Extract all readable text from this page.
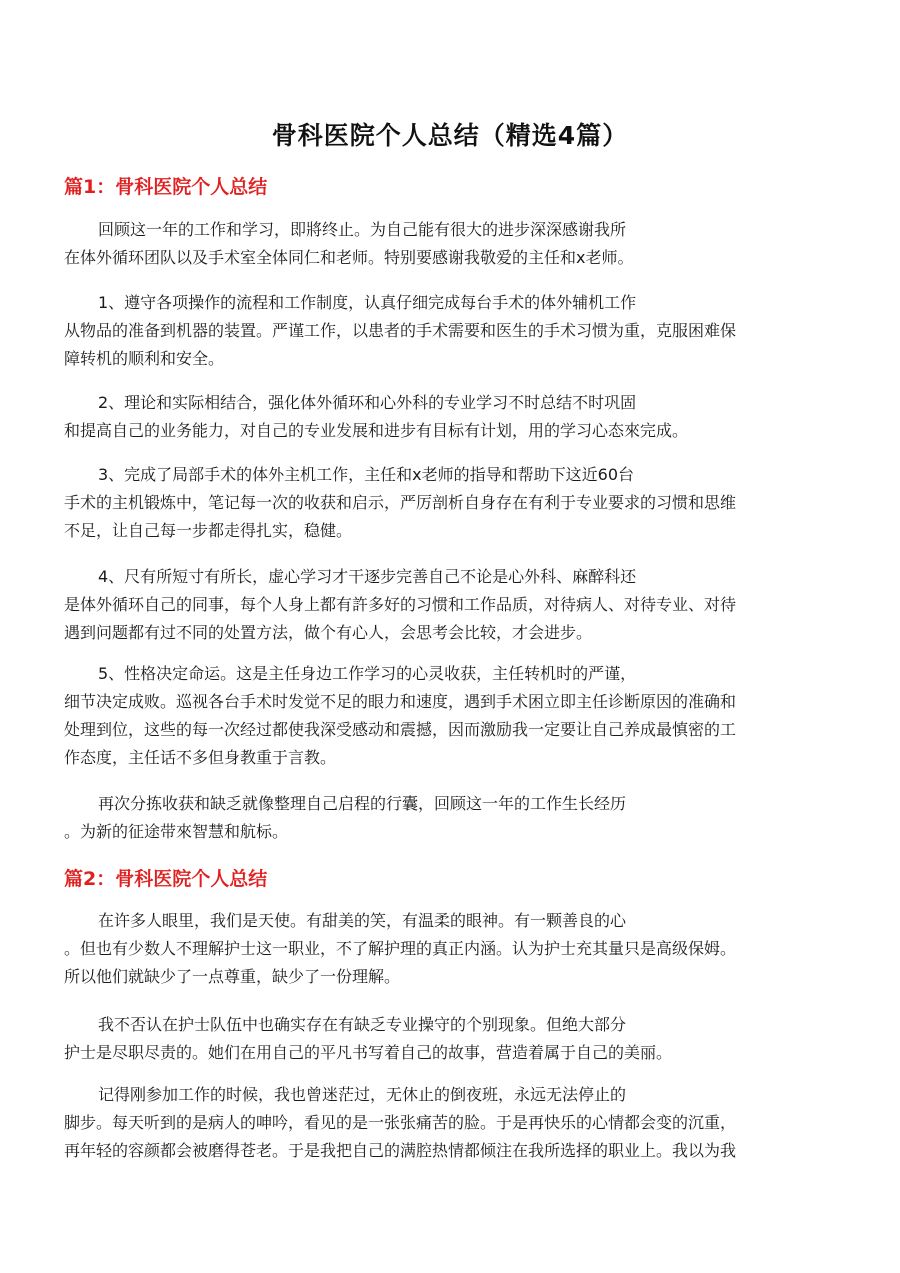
骨科医院个人总结（精选4篇）
篇1：骨科医院个人总结

回顾这一年的工作和学习，即將终止。为自己能有很大的进步深深感谢我所
在体外循环团队以及手术室全体同仁和老师。特别要感谢我敬爱的主任和x老师。

1、遵守各项操作的流程和工作制度，认真仔细完成每台手术的体外辅机工作
从物品的准备到机器的装置。严谨工作，以患者的手术需要和医生的手术习惯为重，克服困难保
障转机的顺利和安全。

2、理论和实际相结合，强化体外循环和心外科的专业学习不时总结不时巩固
和提高自己的业务能力，对自己的专业发展和进步有目标有计划，用的学习心态來完成。

3、完成了局部手术的体外主机工作，主任和x老师的指导和帮助下这近60台
手术的主机锻炼中，笔记每一次的收获和启示，严厉剖析自身存在有利于专业要求的习惯和思维
不足，让自己每一步都走得扎实，稳健。

4、尺有所短寸有所长，虚心学习才干逐步完善自己不论是心外科、麻醉科还
是体外循环自己的同事，每个人身上都有許多好的习惯和工作品质，对待病人、对待专业、对待
遇到问题都有过不同的处置方法，做个有心人，会思考会比较，才会进步。

5、性格决定命运。这是主任身边工作学习的心灵收获，主任转机时的严谨，
细节决定成败。巡视各台手术时发觉不足的眼力和速度，遇到手术困立即主任诊断原因的准确和
处理到位，这些的每一次经过都使我深受感动和震撼，因而激励我一定要让自己养成最慎密的工
作态度，主任话不多但身教重于言教。

再次分拣收获和缺乏就像整理自己启程的行囊，回顾这一年的工作生长经历
。为新的征途带來智慧和航标。

篇2：骨科医院个人总结

在许多人眼里，我们是天使。有甜美的笑，有温柔的眼神。有一颗善良的心
。但也有少数人不理解护士这一职业，不了解护理的真正内涵。认为护士充其量只是高级保姆。
所以他们就缺少了一点尊重，缺少了一份理解。

我不否认在护士队伍中也确实存在有缺乏专业操守的个别现象。但绝大部分
护士是尽职尽责的。她们在用自己的平凡书写着自己的故事，营造着属于自己的美丽。

记得刚参加工作的时候，我也曾迷茫过，无休止的倒夜班，永远无法停止的
脚步。每天听到的是病人的呻吟，看见的是一张张痛苦的脸。于是再快乐的心情都会变的沉重，
再年轻的容颜都会被磨得苍老。于是我把自己的满腔热情都倾注在我所选择的职业上。我以为我
